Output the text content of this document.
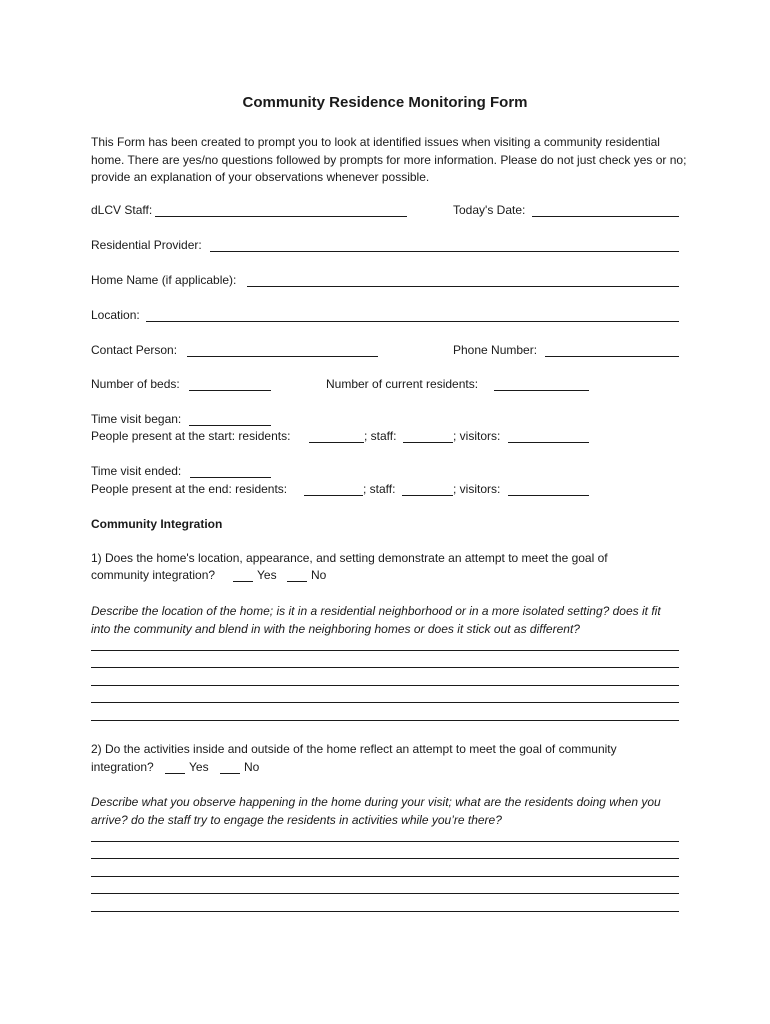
Community Residence Monitoring Form
This Form has been created to prompt you to look at identified issues when visiting a community residential home. There are yes/no questions followed by prompts for more information. Please do not just check yes or no; provide an explanation of your observations whenever possible.
dLCV Staff:	Today's Date:
Residential Provider:
Home Name (if applicable):
Location:
Contact Person:	Phone Number:
Number of beds:	Number of current residents:
Time visit began:
People present at the start: residents:	; staff:	; visitors:
Time visit ended:
People present at the end: residents:	; staff:	; visitors:
Community Integration
1) Does the home's location, appearance, and setting demonstrate an attempt to meet the goal of
community integration?	Yes	No
Describe the location of the home; is it in a residential neighborhood or in a more isolated setting? does it fit into the community and blend in with the neighboring homes or does it stick out as different?
2) Do the activities inside and outside of the home reflect an attempt to meet the goal of community
integration?	Yes	No
Describe what you observe happening in the home during your visit; what are the residents doing when you arrive? do the staff try to engage the residents in activities while you’re there?
